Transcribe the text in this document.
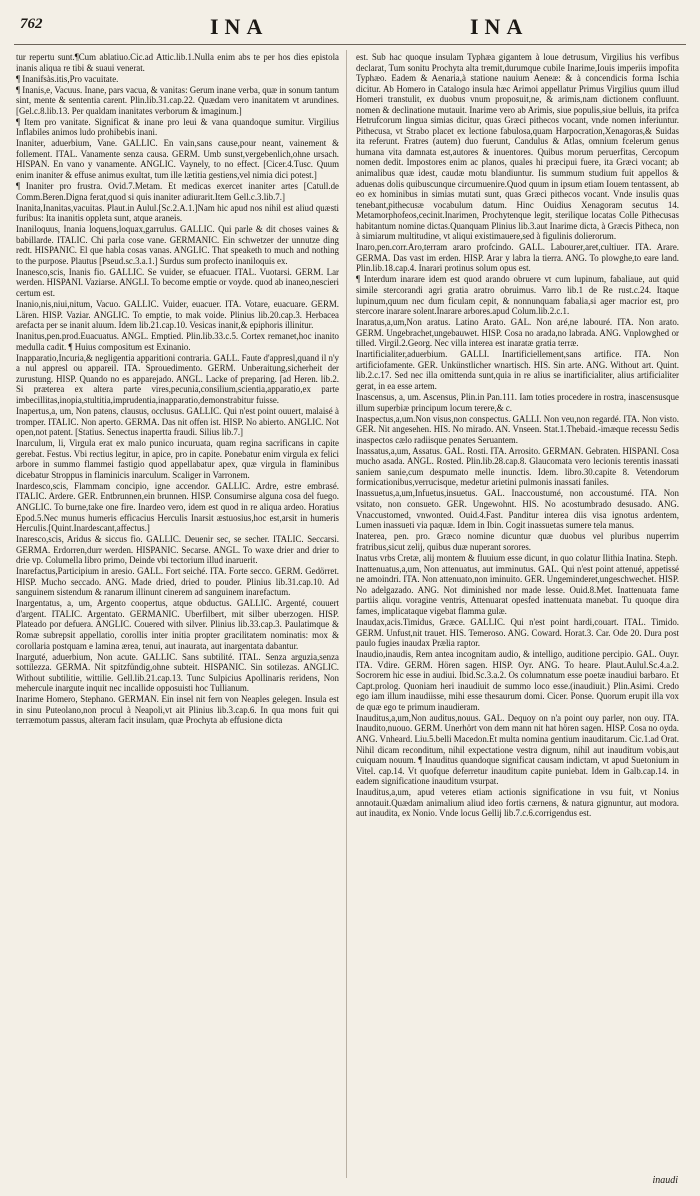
762	INA	INA

tur repertu sunt.¶Cum ablatiuo.Cic.ad Attic.lib.1.Nulla enim abs te per hos dies epistola inanis aliqua re tibi & suaui venerat.

¶ Inanifsàs.itis,Pro vacuitate.

¶ Inanis,e, Vacuus. Inane, pars vacua, & vanitas: Gerum inane verba, quæ in sonum tantum sint, mente & sententia carent. Plin.lib.31.cap.22. Quædam vero inanitatem vt arundines. [Gel.c.8.lib.13. Per qualdam inanitates verborum & imaginum.]

¶ Item pro vanitate. Significat & inane pro leui & vana quandoque sumitur. Virgilius Inflabiles animos ludo prohibebis inani.

Inaniter, aduerbium, Vane. GALLIC. En vain,sans cause,pour neant, vainement & follement. ITAL. Vanamente senza causa. GERM. Umb sunst,vergebenlich,ohne ursach. HISPAN. En vano y vanamente. ANGLIC. Vaynely, to no effect. [Cicer.4.Tusc. Quum enim inaniter & effuse animus exultat, tum ille lætitia gestiens,vel nimia dici potest.]

¶ Inaniter pro frustra. Ovid.7.Metam. Et medicas exercet inaniter artes [Catull.de Comm.Beren.Digna ferat,quod si quis inaniter adiurarit.Item Gell.c.3.lib.7.]

Inanita,Inanitas,vacuitas. Plaut.in Aulul.[Sc.2.A.1.]Nam hic apud nos nihil est aliud quæsti furibus: Ita inanitis oppleta sunt, atque araneis.

Inaniloquus, Inania loquens,loquax,garrulus. GALLIC. Qui parle & dit choses vaines & babillarde. ITALIC. Chi parla cose vane. GERMANIC. Ein schwetzer der unnutze ding redt. HISPANIC. El que habla cosas vanas. ANGLIC. That speaketh to much and nothing to the purpose. Plautus [Pseud.sc.3.a.1.] Surdus sum profecto inaniloquis ex.

Inanesco,scis, Inanis fio. GALLIC. Se vuider, se efuacuer. ITAL. Vuotarsi. GERM. Lar werden. HISPANI. Vaziarse. ANGLI. To become emptie or voyde. quod ab inaneo,nescieri certum est.

Inanio,nis,niui,nitum, Vacuo. GALLIC. Vuider, euacuer. ITA. Votare, euacuare. GERM. Lären. HISP. Vaziar. ANGLIC. To emptie, to mak voide. Plinius lib.20.cap.3. Herbacea arefacta per se inanit aluum. Idem lib.21.cap.10. Vesicas inanit,& epiphoris illinitur.

Inanitus,pen.prod.Euacuatus. ANGL. Emptied. Plin.lib.33.c.5. Cortex remanet,hoc inanito medulla cadit. ¶ Huius compositum est Exinanio.

Inapparatio,Incuria,& negligentia apparitioni contraria. GALL. Faute d'appresl,quand il n'y a nul appresl ou appareil. ITA. Sprouedimento. GERM. Unberaitung,sicherheit der zurustung. HISP. Quando no es apparejado. ANGL. Lacke of preparing. [ad Heren. lib.2. Si præterea ex altera parte vires,pecunia,consilium,scientia,apparatio,ex parte imbecillitas,inopia,stultitia,imprudentia,inapparatio,demonstrabitur fuisse.

Inapertus,a, um, Non patens, clausus, occlusus. GALLIC. Qui n'est point ouuert, malaisé à tromper. ITALIC. Non aperto. GERMA. Das nit offen ist. HISP. No abierto. ANGLIC. Not open,not patent. [Statius. Senectus inapertta fraudi. Silius lib.7.]

Inarculum, li, Virgula erat ex malo punico incuruata, quam regina sacrificans in capite gerebat. Festus. Vbi rectius legitur, in apice, pro in capite. Ponebatur enim virgula ex felici arbore in summo flammei fastigio quod appellabatur apex, quæ virgula in flaminibus dicebatur Stroppus in flaminicis inarculum. Scaliger in Varronem.

Inardesco,scis, Flammam concipio, igne accendor. GALLIC. Ardre, estre embrasé. ITALIC. Ardere. GER. Entbrunnen,ein brunnen. HISP. Consumirse alguna cosa del fuego. ANGLIC. To burne,take one fire. Inardeo vero, idem est quod in re aliqua ardeo. Horatius Epod.5.Nec munus humeris efficacius Herculis Inarsit æstuosius,hoc est,arsit in humeris Herculis.[Quint.Inardescant,affectus.]

Inaresco,scis, Aridus & siccus fio. GALLIC. Deuenir sec, se secher. ITALIC. Seccarsi. GERMA. Erdorren,durr werden. HISPANIC. Secarse. ANGL. To waxe drier and drier to drie vp. Columella libro primo, Deinde vbi tectorium illud inaruerit.

Inarefactus,Participium in aresio. GALL. Fort seiché. ITA. Forte secco. GERM. Gedörret. HISP. Mucho seccado. ANG. Made dried, dried to pouder. Plinius lib.31.cap.10. Ad sanguinem sistendum & ranarum illinunt cinerem ad sanguinem inarefactum.

Inargentatus, a, um, Argento coopertus, atque obductus. GALLIC. Argenté, couuert d'argent. ITALIC. Argentato. GERMANIC. Uberfilbert, mit silber uberzogen. HISP. Plateado por defuera. ANGLIC. Couered with silver. Plinius lib.33.cap.3. Paulatimque & Romæ subrepsit appellatio, corollis inter initia propter gracilitatem nominatis: mox & corollaria postquam e lamina ærea, tenui, aut inaurata, aut inargentata dabantur.

Inarguté, aduerbium, Non acute. GALLIC. Sans subtilité. ITAL. Senza arguzia,senza sottilezza. GERMA. Nit spitzfündig,ohne subteit. HISPANIC. Sin sotilezas. ANGLIC. Without subtilitie, wittilie. Gell.lib.21.cap.13. Tunc Sulpicius Apollinaris reridens, Non mehercule inargute inquit nec incallide opposuisti hoc Tullianum.

Inarime Homero, Stephano. GERMAN. Ein insel nit fern von Neaples gelegen. Insula est in sinu Puteolano,non procul à Neapoli,vt ait Plinius lib.3.cap.6. In qua mons fuit qui terræmotum passus, alteram facit insulam, quæ Prochyta ab effusione dicta

est. Sub hac quoque insulam Typhæa gigantem à loue detrusum, Virgilius his verfibus declarat, Tum sonitu Prochyta alta tremit,durumque cubile Inarime,Iouis imperiis impofita Typhæo. Eadem & Aenaria,à statione nauium Aeneæ: & à concendicis forma Ischia dicitur. Ab Homero in Catalogo insula hæc Arimoi appellatur Primus Virgilius quum illud Homeri transtulit, ex duobus vnum proposuit,ne, & arimis,nam dictionem confluunt. nomen & declinatione mutauit. Inarime vero ab Arimis, siue populis,siue belluis, ita prifca Hetrufcorum lingua simias dicitur, quas Græci pithecos vocant, vnde nomen inferiuntur. Pithecusa, vt Strabo placet ex lectione fabulosa,quam Harpocration,Xenagoras,& Suidas ita referunt. Fratres (autem) duo fuerunt, Candulus & Atlas, omnium fcelerum genus humana vita damnata est,autores & inuentores. Quibus morum peruerfitas, Cercopum nomen dedit. Impostores enim ac planos, quales hi præcipui fuere, ita Græci vocant; ab animalibus quæ idest, caudæ motu blandiuntur. Iis summum studium fuit appellos & aduenas dolis quibuscunque circumuenire.Quod quum in ipsum etiam Iouem tentassent, ab eo ex hominibus in simias mutati sunt, quas Græci pithecos vocant. Vnde insulis quas tenebant,pithecusæ vocabulum datum. Hinc Ouidius Xenagoram secutus 14. Metamorphofeos,cecinit.Inarimen, Prochytenque legit, sterilique locatas Colle Pithecusas habitantum nomine dictas.Quanquam Plinius lib.3.aut Inarime dicta, à Græcis Pitheca, non à simiarum multitudine, vt aliqui existimauere,sed à figulinis dolierorum.

Inaro,pen.corr.Aro,terram araro profcindo. GALL. Labourer,aret,cultiuer. ITA. Arare. GERMA. Das vast im erden. HISP. Arar y labra la tierra. ANG. To plowghe,to eare land. Plin.lib.18.cap.4. Inarari protinus solum opus est.

¶ Interdum inarare idem est quod arando obruere vt cum lupinum, fabaliaue, aut quid simile stercorandi agri gratia aratro obruimus. Varro lib.1 de Re rust.c.24. Itaque lupinum,quum nec dum ficulam cepit, & nonnunquam fabalia,si ager macrior est, pro stercore inarare solent.Inarare arbores.apud Colum.lib.2.c.1.

Inaratus,a,um,Non aratus. Latino Arato. GAL. Non aré,ne labouré. ITA. Non arato. GERM. Ungebrachet,ungebauwet. HISP. Cosa no arada,no labrada. ANG. Vnplowghed or tilled. Virgil.2.Georg. Nec villa interea est inaratæ gratia terræ.

Inartificialiter,aduerbium. GALLI. Inartificiellement,sans artifice. ITA. Non artificiofamente. GER. Unkünstlicher wnartisch. HIS. Sin arte. ANG. Without art. Quint. lib.2.c.17. Sed nec illa omittenda sunt,quia in re alius se inartificialiter, alius artificialiter gerat, in ea esse artem.

Inascensus, a, um. Ascensus, Plin.in Pan.111. Iam toties procedere in rostra, inascensusque illum superbiæ principum locum terere,& c.

Inaspectus,a,um.Non visus,non conspectus. GALLI. Non veu,non regardé. ITA. Non visto. GER. Nit angesehen. HIS. No mirado. AN. Vnseen. Stat.1.Thebaid.-imæque recessu Sedis inaspectos cælo radiisque penates Seruantem.

Inassatus,a,um, Assatus. GAL. Rosti. ITA. Arrosito. GERMAN. Gebraten. HISPANI. Cosa mucho asada. ANGL. Rosted. Plin.lib.28.cap.8. Glaucomata vero lecionis terentis inassati saniem sanie,cum despumato melle inunctis. Idem. libro.30.capite 8. Vetendorum formicationibus,verrucisque, medetur arietini pulmonis inassati faniles.

Inassuetus,a,um,Infuetus,insuetus. GAL. Inaccoustumé, non accoustumé. ITA. Non vsitato, non consueto. GER. Ungewohnt. HIS. No acostumbrado desusado. ANG. Vnaccustomed, vnwonted. Ouid.4.Fast. Panditur interea diis visa ignotus ardentem, Lumen inassueti via paquæ. Idem in Ibin. Cogit inassuetas sumere tela manus.

Inaterea, pen. pro. Græco nomine dicuntur quæ duobus vel pluribus nuperrim fratribus,sicut zelij, quibus duæ nuperant sorores.

Inatus vrbs Cretæ, alij montem & fluuium esse dicunt, in quo colatur Ilithia Inatina. Steph.

Inattenuatus,a,um, Non attenuatus, aut imminutus. GAL. Qui n'est point attenué, appetissé ne amoindri. ITA. Non attenuato,non iminuito. GER. Ungeminderet,ungeschwechet. HISP. No adelgazado. ANG. Not diminished nor made lesse. Ouid.8.Met. Inattenuata fame partiis aliqu. voragine ventris, Attenuarat opesfed inattenuata manebat. Tu quoque dira fames, implicataque vigebat flamma gulæ.

Inaudax,acis.Timidus, Græce. GALLIC. Qui n'est point hardi,couart. ITAL. Timido. GERM. Unfust,nit trauet. HIS. Temeroso. ANG. Coward. Horat.3. Car. Ode 20. Dura post paulo fugies inaudax Prælia raptor.

Inaudio,inaudis, Rem antea incognitam audio, & intelligo, auditione percipio. GAL. Ouyr. ITA. Vdire. GERM. Hören sagen. HISP. Oyr. ANG. To heare. Plaut.Aulul.Sc.4.a.2. Socrorem hic esse in audiui. Ibid.Sc.3.a.2. Os columnatum esse poetæ inaudiui barbaro. Et Capt.prolog. Quoniam heri inaudiuit de summo loco esse.(inaudiuit.) Plin.Asimi. Credo ego iam illum inaudiisse, mihi esse thesaurum domi. Cicer. Ponse. Quorum erupit illa vox de quæ ego te primum inaudieram.

Inauditus,a,um,Non auditus,nouus. GAL. Dequoy on n'a point ouy parler, non ouy. ITA. Inaudito,nuouo. GERM. Unerhört von dem mann nit hat hören sagen. HISP. Cosa no oyda. ANG. Vnheard. Liu.5.belli Macedon.Et multa nomina gentium inauditarum. Cic.1.ad Orat. Nihil dicam reconditum, nihil expectatione vestra dignum, nihil aut inauditum vobis,aut cuiquam nouum. ¶ Inauditus quandoque significat causam indictam, vt apud Suetonium in Vitel. cap.14. Vt quofque deferretur inauditum capite puniebat. Idem in Galb.cap.14. in eadem significatione inauditum vsurpat.

Inauditus,a,um, apud veteres etiam actionis significatione in vsu fuit, vt Nonius annotauit.Quædam animalium aliud ideo fortis cærnens, & natura gignuntur, aut modora. aut inaudita, ex Nonio. Vnde locus Gellij lib.7.c.6.corrigendus est.

inaudi
